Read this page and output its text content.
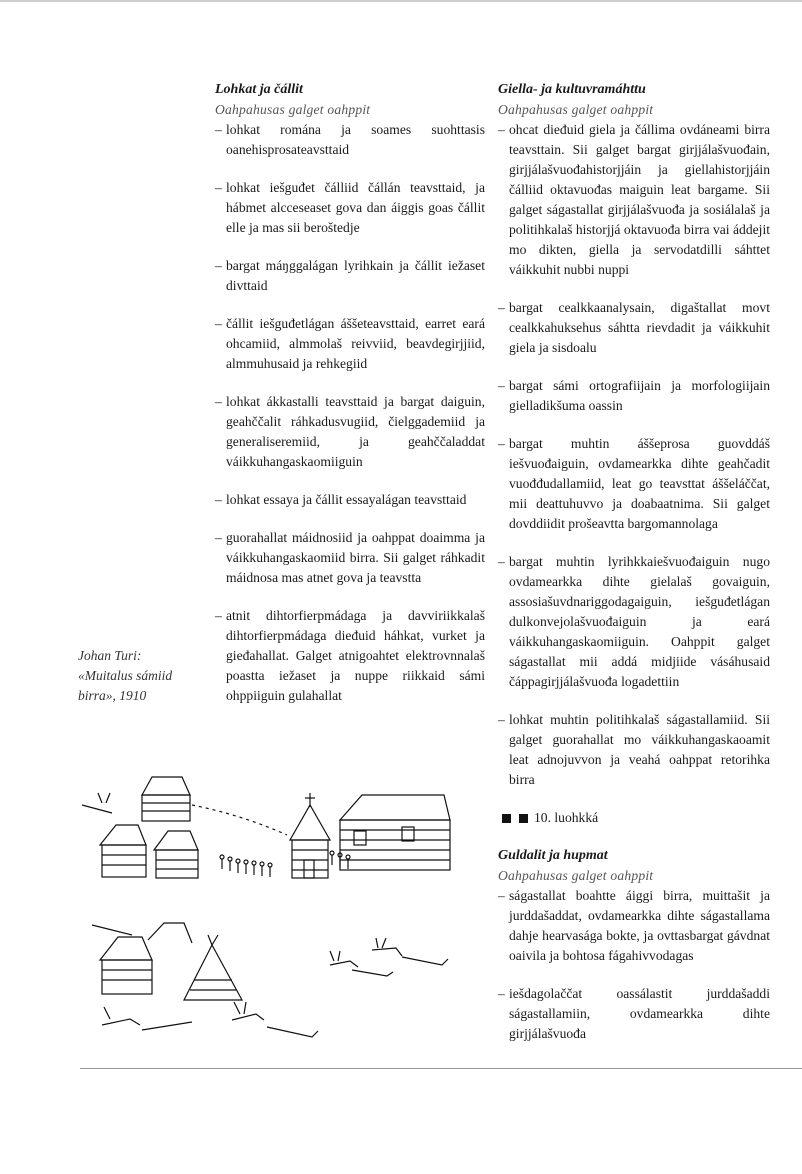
Lohkat ja čállit

Oahpahusas galget oahppit

– lohkat romána ja soames suohttasis oanehisprosateavsttaid
– lohkat iešguđet čálliid čállán teavsttaid, ja hábmet alcceseaset gova dan áiggis goas čállit elle ja mas sii beroštedje
– bargat máŋggalágan lyrihkain ja čállit iežaset divttaid
– čállit iešguđetlágan áššeteavsttaid, earret eará ohcamiid, almmolaš reivviid, beavdegirjjiid, almmuhusaid ja rehkegiid
– lohkat ákkastalli teavsttaid ja bargat daiguin, geahččalit ráhkadusvugiid, čielggademiid ja generaliseremiid, ja geahččaladdat váikkuhangaskaomiiguin
– lohkat essaya ja čállit essayalágan teavsttaid
– guorahallat máidnosiid ja oahppat doaimma ja váikkuhangaskaomiid birra. Sii galget ráhkadit máidnosa mas atnet gova ja teavstta
– atnit dihtorfierpmádaga ja davviriikkalaš dihtorfierpmádaga dieđuid háhkat, vurket ja gieđahallat. Galget atnigoahtet elektrovnnalaš poastta iežaset ja nuppe riikkaid sámi ohppiiguin gulahallat
Johan Turi:
«Muitalus sámiid
birra», 1910

Giella- ja kultuvramáhttu

Oahpahusas galget oahppit

– ohcat dieđuid giela ja čállima ovdáneami birra teavsttain. Sii galget bargat girjjálašvuođain, girjjálašvuođahistorjjáin ja giellahistorjjáin čálliid oktavuođas maiguin leat bargame. Sii galget ságastallat girjjálašvuođa ja sosiálalaš ja politihkalaš historjjá oktavuođa birra vai áddejit mo dikten, giella ja servodatdilli sáhttet váikkuhit nubbi nuppi
– bargat cealkkaanalysain, digaštallat movt cealkkahuksehus sáhtta rievdadit ja váikkuhit giela ja sisdoalu
– bargat sámi ortografiijain ja morfologiijain gielladikšuma oassin
– bargat muhtin áššeprosa guovddáš iešvuođaiguin, ovdamearkka dihte geahčadit vuođđudallamiid, leat go teavsttat áššeláččat, mii deattuhuvvo ja doabaatnima. Sii galget dovddiidit prošeavtta bargomannolaga
– bargat muhtin lyrihkkaiešvuođaiguin nugo ovdamearkka dihte gielalaš govaiguin, assosiašuvdnariggodagaiguin, iešguđetlágan dulkonvejolašvuođaiguin ja eará váikkuhangaskaomiiguin. Oahppit galget ságastallat mii addá midjiide vásáhusaid čáppagirjjálašvuođa logadettiin
– lohkat muhtin politihkalaš ságastallamiid. Sii galget guorahallat mo váikkuhangaskaoamit leat adnojuvvon ja veahá oahppat retorihka birra
10. luohkká

Guldalit ja hupmat

Oahpahusas galget oahppit

– ságastallat boahtte áiggi birra, muittašit ja jurddašaddat, ovdamearkka dihte ságastallama dahje hearvasága bokte, ja ovttasbargat gávdnat oaivila ja bohtosa fágahivvodagas
– iešdagolaččat oassálastit jurddašaddi ságastallamiin, ovdamearkka dihte girjjálašvuođa
